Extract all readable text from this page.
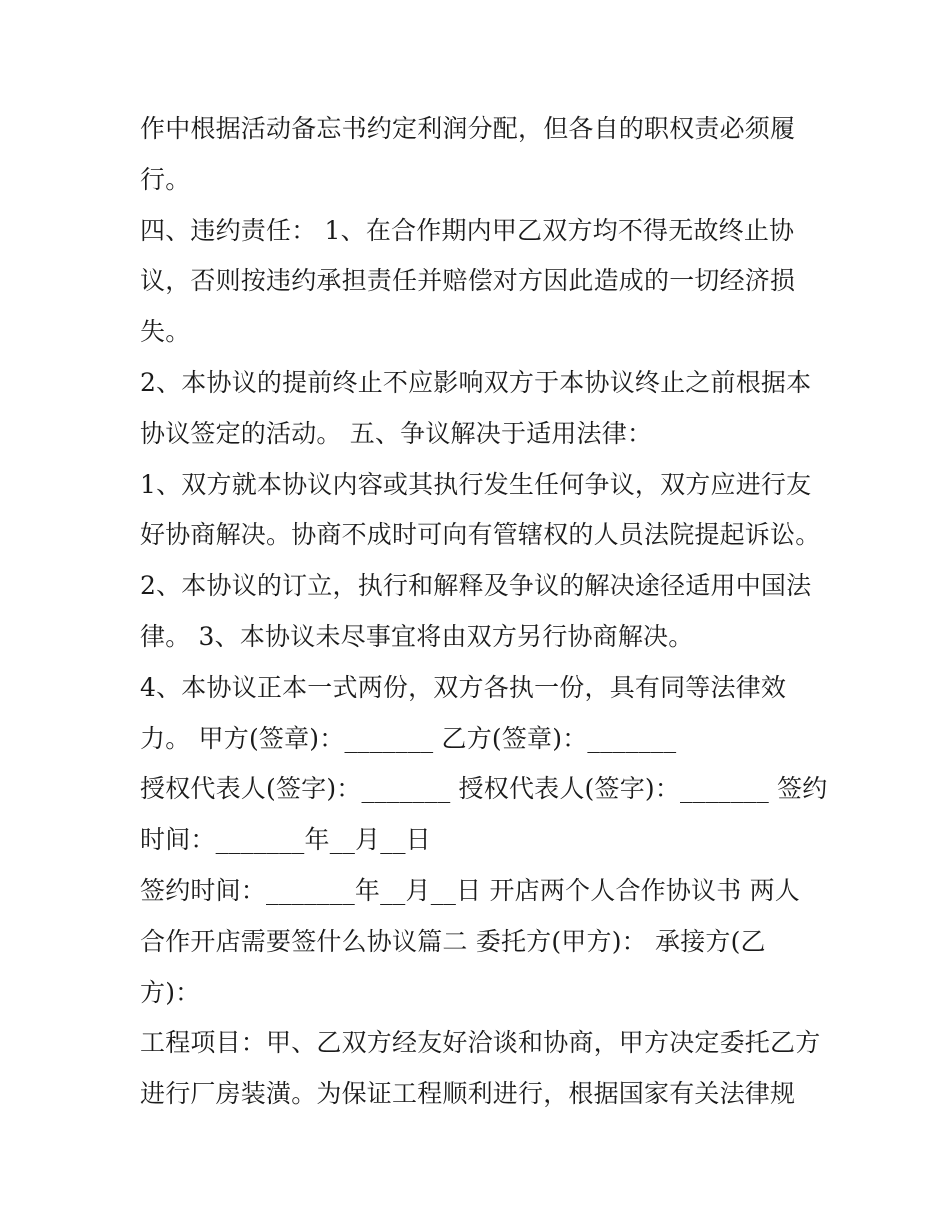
作中根据活动备忘书约定利润分配，但各自的职权责必须履
行。
四、违约责任： 1、在合作期内甲乙双方均不得无故终止协
议，否则按违约承担责任并赔偿对方因此造成的一切经济损
失。
2、本协议的提前终止不应影响双方于本协议终止之前根据本
协议签定的活动。 五、争议解决于适用法律：
1、双方就本协议内容或其执行发生任何争议，双方应进行友
好协商解决。协商不成时可向有管辖权的人员法院提起诉讼。
2、本协议的订立，执行和解释及争议的解决途径适用中国法
律。 3、本协议未尽事宜将由双方另行协商解决。
4、本协议正本一式两份，双方各执一份，具有同等法律效
力。 甲方(签章)：_______ 乙方(签章)：_______
授权代表人(签字)：_______ 授权代表人(签字)：_______ 签约
时间：_______年__月__日
签约时间：_______年__月__日 开店两个人合作协议书 两人
合作开店需要签什么协议篇二 委托方(甲方)： 承接方(乙
方)：
工程项目：甲、乙双方经友好洽谈和协商，甲方决定委托乙方
进行厂房装潢。为保证工程顺利进行，根据国家有关法律规
